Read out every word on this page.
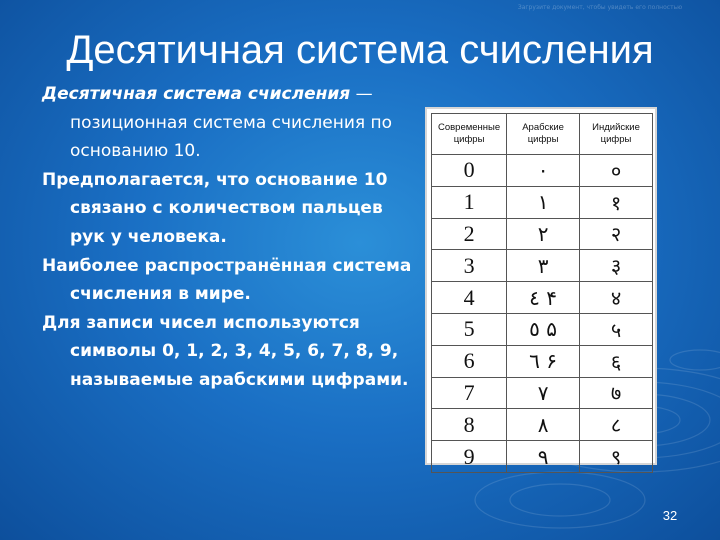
Загрузите документ, чтобы увидеть его полностью
Десятичная система счисления

Десятичная система счисления — позиционная система счисления по основанию 10.

Предполагается, что основание 10 связано с количеством пальцев рук у человека.

Наиболее распространённая система счисления в мире.

Для записи чисел используются символы 0, 1, 2, 3, 4, 5, 6, 7, 8, 9, называемые арабскими цифрами.

Современные цифры	Арабские цифры	Индийские цифры
0	٠	०
1	١	१
2	٢	२
3	٣	३
4	٤ ۴	४
5	٥ ۵	५
6	٦ ۶	६
7	٧	७
8	٨	८
9	٩	९
32
